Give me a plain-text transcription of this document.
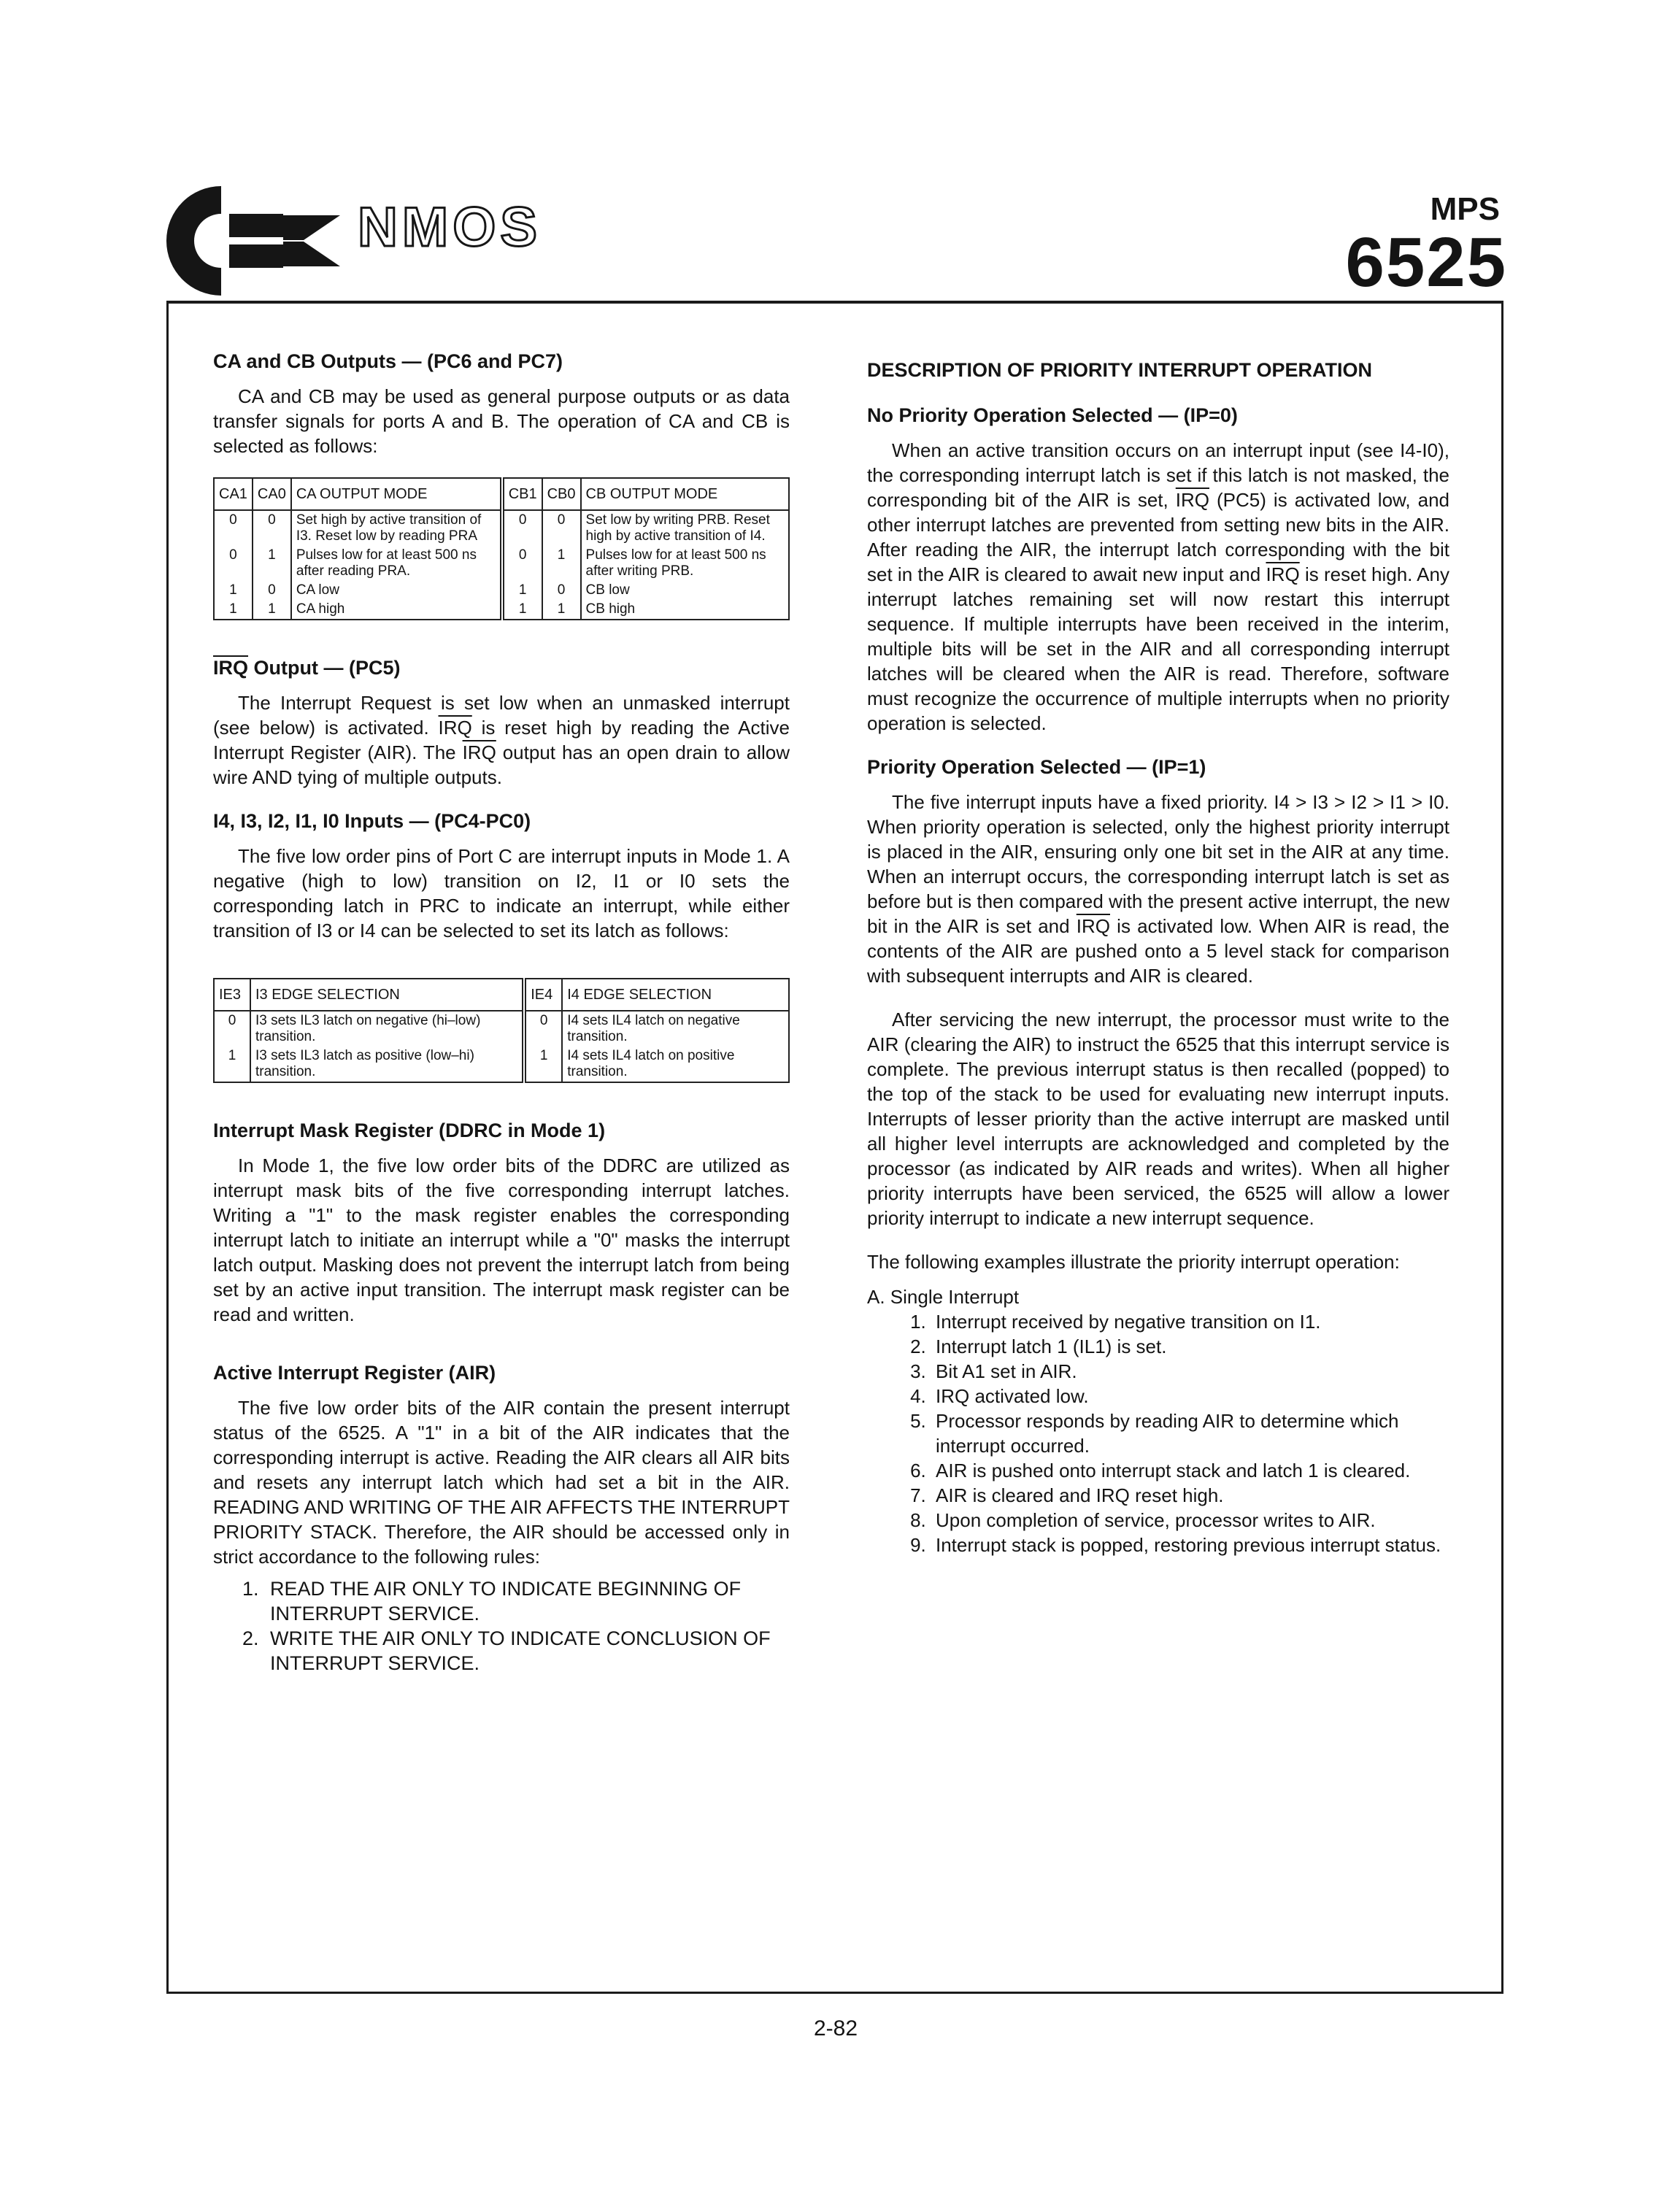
NMOS	MPS
6525
CA and CB Outputs — (PC6 and PC7)

CA and CB may be used as general purpose outputs or as data transfer signals for ports A and B. The operation of CA and CB is selected as follows:

CA1	CA0	CA OUTPUT MODE	CB1	CB0	CB OUTPUT MODE
0	0	Set high by active transition of I3. Reset low by reading PRA	0	0	Set low by writing PRB. Reset high by active transition of I4.
0	1	Pulses low for at least 500 ns after reading PRA.	0	1	Pulses low for at least 500 ns after writing PRB.
1	0	CA low	1	0	CB low
1	1	CA high	1	1	CB high
IRQ Output — (PC5)

The Interrupt Request is set low when an unmasked interrupt (see below) is activated. $\overline{IRQ}$ is reset high by reading the Active Interrupt Register (AIR). The $\overline{IRQ}$ output has an open drain to allow wire AND tying of multiple outputs.

I4, I3, I2, I1, I0 Inputs — (PC4-PC0)

The five low order pins of Port C are interrupt inputs in Mode 1. A negative (high to low) transition on I2, I1 or I0 sets the corresponding latch in PRC to indicate an interrupt, while either transition of I3 or I4 can be selected to set its latch as follows:

IE3	I3 EDGE SELECTION	IE4	I4 EDGE SELECTION
0	I3 sets IL3 latch on negative (hi–low) transition.	0	I4 sets IL4 latch on negative transition.
1	I3 sets IL3 latch as positive (low–hi) transition.	1	I4 sets IL4 latch on positive transition.
Interrupt Mask Register (DDRC in Mode 1)

In Mode 1, the five low order bits of the DDRC are utilized as interrupt mask bits of the five corresponding interrupt latches. Writing a "1" to the mask register enables the corresponding interrupt latch to initiate an interrupt while a "0" masks the interrupt latch output. Masking does not prevent the interrupt latch from being set by an active input transition. The interrupt mask register can be read and written.

Active Interrupt Register (AIR)

The five low order bits of the AIR contain the present interrupt status of the 6525. A "1" in a bit of the AIR indicates that the corresponding interrupt is active. Reading the AIR clears all AIR bits and resets any interrupt latch which had set a bit in the AIR. READING AND WRITING OF THE AIR AFFECTS THE INTERRUPT PRIORITY STACK. Therefore, the AIR should be accessed only in strict accordance to the following rules:

1. READ THE AIR ONLY TO INDICATE BEGINNING OF INTERRUPT SERVICE.
2. WRITE THE AIR ONLY TO INDICATE CONCLUSION OF INTERRUPT SERVICE.
DESCRIPTION OF PRIORITY INTERRUPT OPERATION
No Priority Operation Selected — (IP=0)

When an active transition occurs on an interrupt input (see I4-I0), the corresponding interrupt latch is set if this latch is not masked, the corresponding bit of the AIR is set, $\overline{IRQ}$ (PC5) is activated low, and other interrupt latches are prevented from setting new bits in the AIR. After reading the AIR, the interrupt latch corresponding with the bit set in the AIR is cleared to await new input and $\overline{IRQ}$ is reset high. Any interrupt latches remaining set will now restart this interrupt sequence. If multiple interrupts have been received in the interim, multiple bits will be set in the AIR and all corresponding interrupt latches will be cleared when the AIR is read. Therefore, software must recognize the occurrence of multiple interrupts when no priority operation is selected.

Priority Operation Selected — (IP=1)

The five interrupt inputs have a fixed priority. I4 > I3 > I2 > I1 > I0. When priority operation is selected, only the highest priority interrupt is placed in the AIR, ensuring only one bit set in the AIR at any time. When an interrupt occurs, the corresponding interrupt latch is set as before but is then compared with the present active interrupt, the new bit in the AIR is set and $\overline{IRQ}$ is activated low. When AIR is read, the contents of the AIR are pushed onto a 5 level stack for comparison with subsequent interrupts and AIR is cleared.

After servicing the new interrupt, the processor must write to the AIR (clearing the AIR) to instruct the 6525 that this interrupt service is complete. The previous interrupt status is then recalled (popped) to the top of the stack to be used for evaluating new interrupt inputs. Interrupts of lesser priority than the active interrupt are masked until all higher level interrupts are acknowledged and completed by the processor (as indicated by AIR reads and writes). When all higher priority interrupts have been serviced, the 6525 will allow a lower priority interrupt to indicate a new interrupt sequence.

The following examples illustrate the priority interrupt operation:

A. Single Interrupt
1. Interrupt received by negative transition on I1.
2. Interrupt latch 1 (IL1) is set.
3. Bit A1 set in AIR.
4. IRQ activated low.
5. Processor responds by reading AIR to determine which interrupt occurred.
6. AIR is pushed onto interrupt stack and latch 1 is cleared.
7. AIR is cleared and IRQ reset high.
8. Upon completion of service, processor writes to AIR.
9. Interrupt stack is popped, restoring previous interrupt status.
2-82
